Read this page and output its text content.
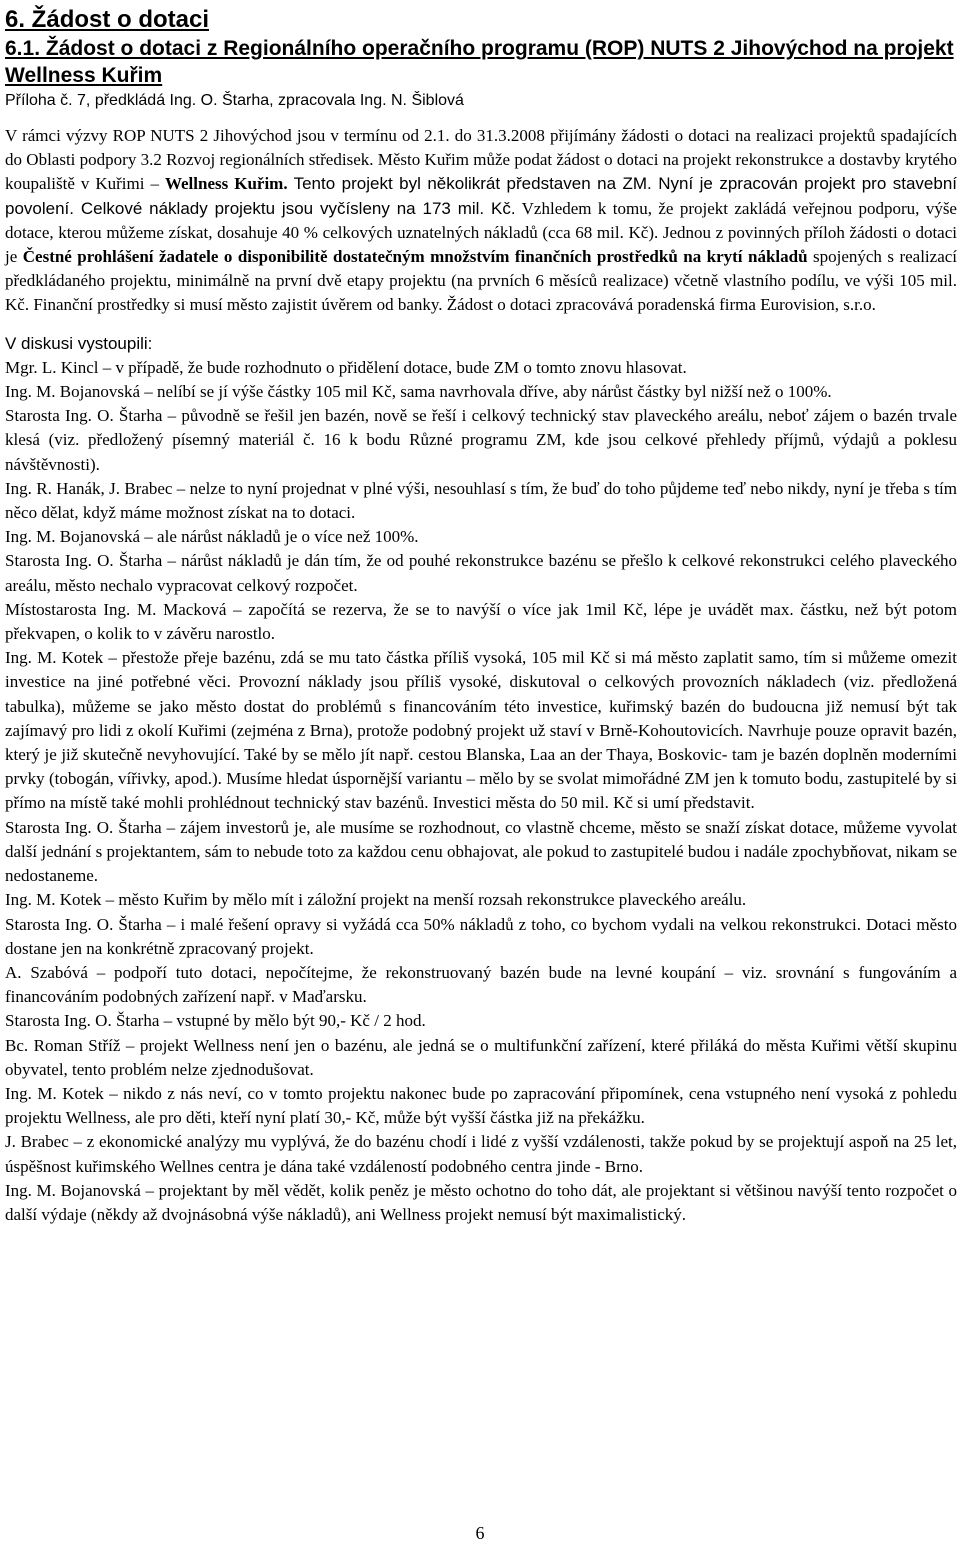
6. Žádost o dotaci
6.1. Žádost o dotaci z Regionálního operačního programu (ROP) NUTS 2 Jihovýchod na projekt Wellness Kuřim
Příloha č. 7, předkládá Ing. O. Štarha, zpracovala Ing. N. Šiblová

V rámci výzvy ROP NUTS 2 Jihovýchod jsou v termínu od 2.1. do 31.3.2008 přijímány žádosti o dotaci na realizaci projektů spadajících do Oblasti podpory 3.2 Rozvoj regionálních středisek. Město Kuřim může podat žádost o dotaci na projekt rekonstrukce a dostavby krytého koupaliště v Kuřimi – Wellness Kuřim. Tento projekt byl několikrát představen na ZM. Nyní je zpracován projekt pro stavební povolení. Celkové náklady projektu jsou vyčísleny na 173 mil. Kč. Vzhledem k tomu, že projekt zakládá veřejnou podporu, výše dotace, kterou můžeme získat, dosahuje 40 % celkových uznatelných nákladů (cca 68 mil. Kč). Jednou z povinných příloh žádosti o dotaci je Čestné prohlášení žadatele o disponibilitě dostatečným množstvím finančních prostředků na krytí nákladů spojených s realizací předkládaného projektu, minimálně na první dvě etapy projektu (na prvních 6 měsíců realizace) včetně vlastního podílu, ve výši 105 mil. Kč. Finanční prostředky si musí město zajistit úvěrem od banky. Žádost o dotaci zpracovává poradenská firma Eurovision, s.r.o.

V diskusi vystoupili:

Mgr. L. Kincl – v případě, že bude rozhodnuto o přidělení dotace, bude ZM o tomto znovu hlasovat.

Ing. M. Bojanovská – nelíbí se jí výše částky 105 mil Kč, sama navrhovala dříve, aby nárůst částky byl nižší než o 100%.

Starosta Ing. O. Štarha – původně se řešil jen bazén, nově se řeší i celkový technický stav plaveckého areálu, neboť zájem o bazén trvale klesá (viz. předložený písemný materiál č. 16 k bodu Různé programu ZM, kde jsou celkové přehledy příjmů, výdajů a poklesu návštěvnosti).

Ing. R. Hanák, J. Brabec – nelze to nyní projednat v plné výši, nesouhlasí s tím, že buď do toho půjdeme teď nebo nikdy, nyní je třeba s tím něco dělat, když máme možnost získat na to dotaci.

Ing. M. Bojanovská – ale nárůst nákladů je o více než 100%.

Starosta Ing. O. Štarha – nárůst nákladů je dán tím, že od pouhé rekonstrukce bazénu se přešlo k celkové rekonstrukci celého plaveckého areálu, město nechalo vypracovat celkový rozpočet.

Místostarosta Ing. M. Macková – započítá se rezerva, že se to navýší o více jak 1mil Kč, lépe je uvádět max. částku, než být potom překvapen, o kolik to v závěru narostlo.

Ing. M. Kotek – přestože přeje bazénu, zdá se mu tato částka příliš vysoká, 105 mil Kč si má město zaplatit samo, tím si můžeme omezit investice na jiné potřebné věci. Provozní náklady jsou příliš vysoké, diskutoval o celkových provozních nákladech (viz. předložená tabulka), můžeme se jako město dostat do problémů s financováním této investice, kuřimský bazén do budoucna již nemusí být tak zajímavý pro lidi z okolí Kuřimi (zejména z Brna), protože podobný projekt už staví v Brně-Kohoutovicích. Navrhuje pouze opravit bazén, který je již skutečně nevyhovující. Také by se mělo jít např. cestou Blanska, Laa an der Thaya, Boskovic- tam je bazén doplněn moderními prvky (tobogán, vířivky, apod.). Musíme hledat úspornější variantu – mělo by se svolat mimořádné ZM jen k tomuto bodu, zastupitelé by si přímo na místě také mohli prohlédnout technický stav bazénů. Investici města do 50 mil. Kč si umí představit.

Starosta Ing. O. Štarha – zájem investorů je, ale musíme se rozhodnout, co vlastně chceme, město se snaží získat dotace, můžeme vyvolat další jednání s projektantem, sám to nebude toto za každou cenu obhajovat, ale pokud to zastupitelé budou i nadále zpochybňovat, nikam se nedostaneme.

Ing. M. Kotek – město Kuřim by mělo mít i záložní projekt na menší rozsah rekonstrukce plaveckého areálu.

Starosta Ing. O. Štarha – i malé řešení opravy si vyžádá cca 50% nákladů z toho, co bychom vydali na velkou rekonstrukci. Dotaci město dostane jen na konkrétně zpracovaný projekt.

A. Szabóvá – podpoří tuto dotaci, nepočítejme, že rekonstruovaný bazén bude na levné koupání – viz. srovnání s fungováním a financováním podobných zařízení např. v Maďarsku.

Starosta Ing. O. Štarha – vstupné by mělo být 90,- Kč / 2 hod.

Bc. Roman Stříž – projekt Wellness není jen o bazénu, ale jedná se o multifunkční zařízení, které přiláká do města Kuřimi větší skupinu obyvatel, tento problém nelze zjednodušovat.

Ing. M. Kotek – nikdo z nás neví, co v tomto projektu nakonec bude po zapracování připomínek, cena vstupného není vysoká z pohledu projektu Wellness, ale pro děti, kteří nyní platí 30,- Kč, může být vyšší částka již na překážku.

J. Brabec – z ekonomické analýzy mu vyplývá, že do bazénu chodí i lidé z vyšší vzdálenosti, takže pokud by se projektují aspoň na 25 let, úspěšnost kuřimského Wellnes centra je dána také vzdáleností podobného centra jinde - Brno.

Ing. M. Bojanovská – projektant by měl vědět, kolik peněz je město ochotno do toho dát, ale projektant si většinou navýší tento rozpočet o další výdaje (někdy až dvojnásobná výše nákladů), ani Wellness projekt nemusí být maximalistický.

6
